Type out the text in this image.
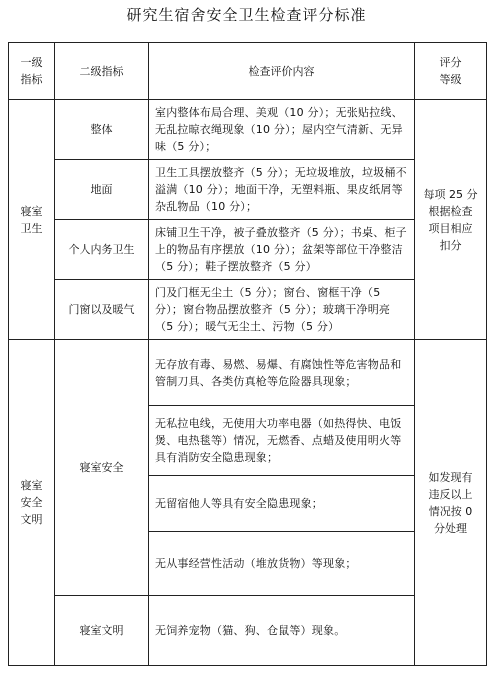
研究生宿舍安全卫生检查评分标准
一级
指标	二级指标	检查评价内容	评分
等级
寝室
卫生	整体	室内整体布局合理、美观（10 分）；无张贴拉线、无乱拉晾衣绳现象（10 分）；屋内空气清新、无异味（5 分）；	每项 25 分
根据检查
项目相应
扣分
	地面	卫生工具摆放整齐（5 分）；无垃圾堆放，垃圾桶不溢满（10 分）；地面干净，无塑料瓶、果皮纸屑等杂乱物品（10 分）；	
	个人内务卫生	床铺卫生干净，被子叠放整齐（5 分）；书桌、柜子上的物品有序摆放（10 分）；盆架等部位干净整洁（5 分）；鞋子摆放整齐（5 分）	
	门窗以及暖气	门及门框无尘土（5 分）；窗台、窗框干净（5 分）；窗台物品摆放整齐（5 分）；玻璃干净明亮（5 分）；暖气无尘土、污物（5 分）	
寝室
安全
文明	寝室安全	无存放有毒、易燃、易爆、有腐蚀性等危害物品和管制刀具、各类仿真枪等危险器具现象；	如发现有
违反以上
情况按 0
分处理
		无私拉电线，无使用大功率电器（如热得快、电饭煲、电热毯等）情况，无燃香、点蜡及使用明火等具有消防安全隐患现象；	
		无留宿他人等具有安全隐患现象；	
		无从事经营性活动（堆放货物）等现象；	
	寝室文明	无饲养宠物（猫、狗、仓鼠等）现象。	
